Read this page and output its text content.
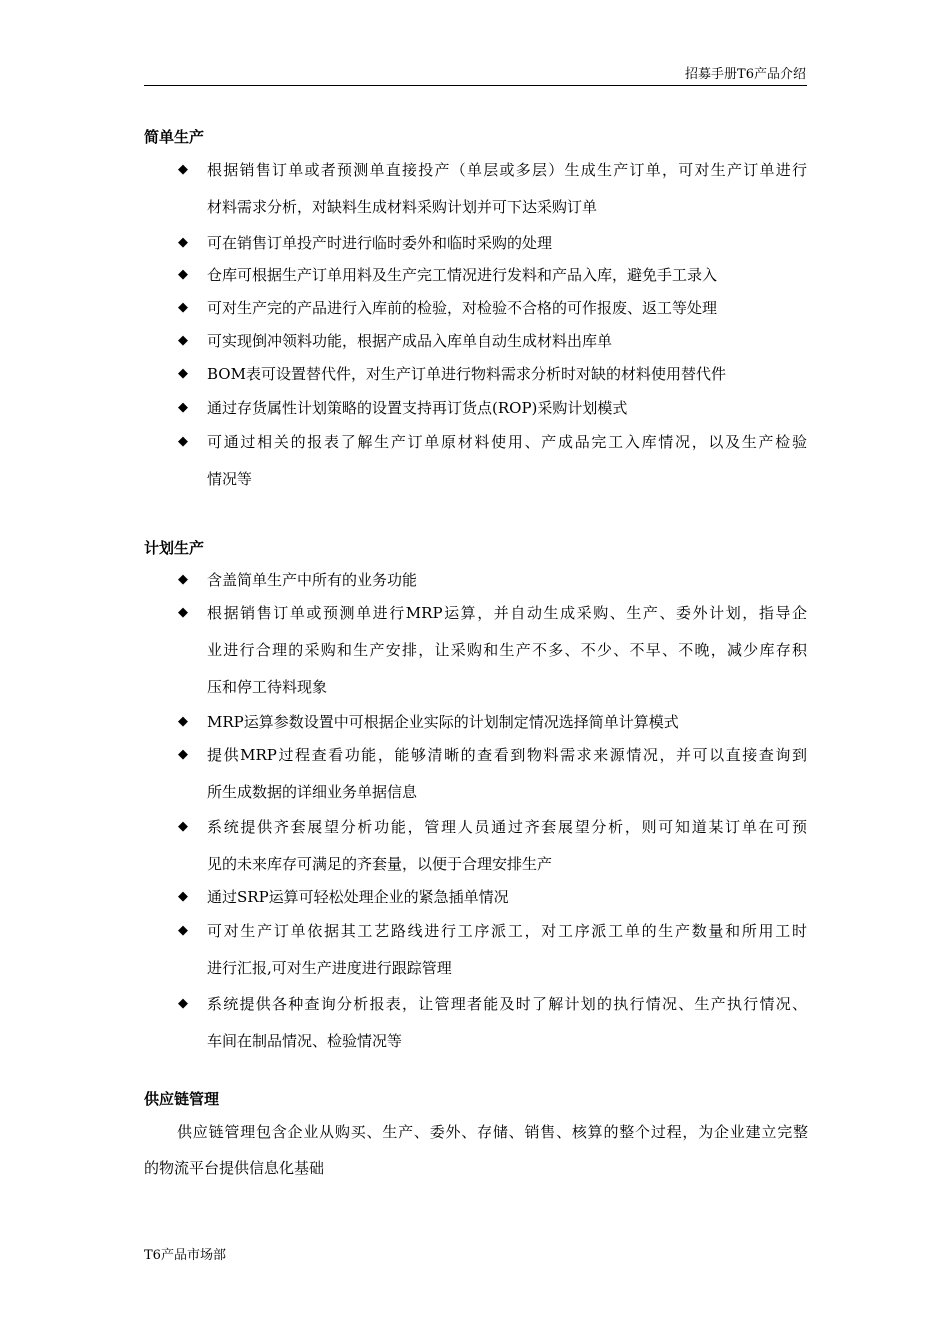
招募手册T6产品介绍
简单生产
◆ 根据销售订单或者预测单直接投产（单层或多层）生成生产订单，可对生产订单进行
材料需求分析，对缺料生成材料采购计划并可下达采购订单
◆ 可在销售订单投产时进行临时委外和临时采购的处理
◆ 仓库可根据生产订单用料及生产完工情况进行发料和产品入库，避免手工录入
◆ 可对生产完的产品进行入库前的检验，对检验不合格的可作报废、返工等处理
◆ 可实现倒冲领料功能，根据产成品入库单自动生成材料出库单
◆ BOM表可设置替代件，对生产订单进行物料需求分析时对缺的材料使用替代件
◆ 通过存货属性计划策略的设置支持再订货点(ROP)采购计划模式
◆ 可通过相关的报表了解生产订单原材料使用、产成品完工入库情况，以及生产检验
情况等
计划生产
◆ 含盖简单生产中所有的业务功能
◆ 根据销售订单或预测单进行MRP运算，并自动生成采购、生产、委外计划，指导企
业进行合理的采购和生产安排，让采购和生产不多、不少、不早、不晚，减少库存积
压和停工待料现象
◆ MRP运算参数设置中可根据企业实际的计划制定情况选择简单计算模式
◆ 提供MRP过程查看功能，能够清晰的查看到物料需求来源情况，并可以直接查询到
所生成数据的详细业务单据信息
◆ 系统提供齐套展望分析功能，管理人员通过齐套展望分析，则可知道某订单在可预
见的未来库存可满足的齐套量，以便于合理安排生产
◆ 通过SRP运算可轻松处理企业的紧急插单情况
◆ 可对生产订单依据其工艺路线进行工序派工，对工序派工单的生产数量和所用工时
进行汇报,可对生产进度进行跟踪管理
◆ 系统提供各种查询分析报表，让管理者能及时了解计划的执行情况、生产执行情况、
车间在制品情况、检验情况等
供应链管理
供应链管理包含企业从购买、生产、委外、存储、销售、核算的整个过程，为企业建立完整
的物流平台提供信息化基础
T6产品市场部
